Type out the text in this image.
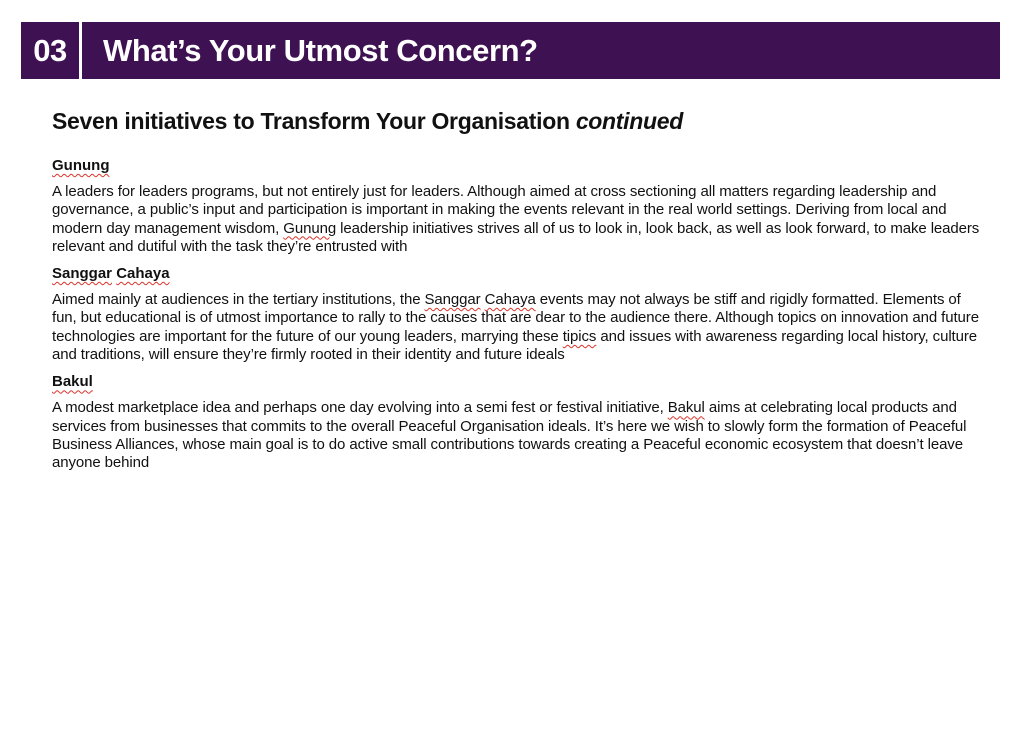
03	What’s Your Utmost Concern?
Seven initiatives to Transform Your Organisation continued
Gunung

A leaders for leaders programs, but not entirely just for leaders. Although aimed at cross sectioning all matters regarding leadership and governance, a public’s input and participation is important in making the events relevant in the real world settings. Deriving from local and modern day management wisdom, Gunung leadership initiatives strives all of us to look in, look back, as well as look forward, to make leaders relevant and dutiful with the task they’re entrusted with

Sanggar Cahaya

Aimed mainly at audiences in the tertiary institutions, the Sanggar Cahaya events may not always be stiff and rigidly formatted. Elements of fun, but educational is of utmost importance to rally to the causes that are dear to the audience there. Although topics on innovation and future technologies are important for the future of our young leaders, marrying these tipics and issues with awareness regarding local history, culture and traditions, will ensure they’re firmly rooted in their identity and future ideals

Bakul

A modest marketplace idea and perhaps one day evolving into a semi fest or festival initiative, Bakul aims at celebrating local products and services from businesses that commits to the overall Peaceful Organisation ideals. It’s here we wish to slowly form the formation of Peaceful Business Alliances, whose main goal is to do active small contributions towards creating a Peaceful economic ecosystem that doesn’t leave anyone behind
